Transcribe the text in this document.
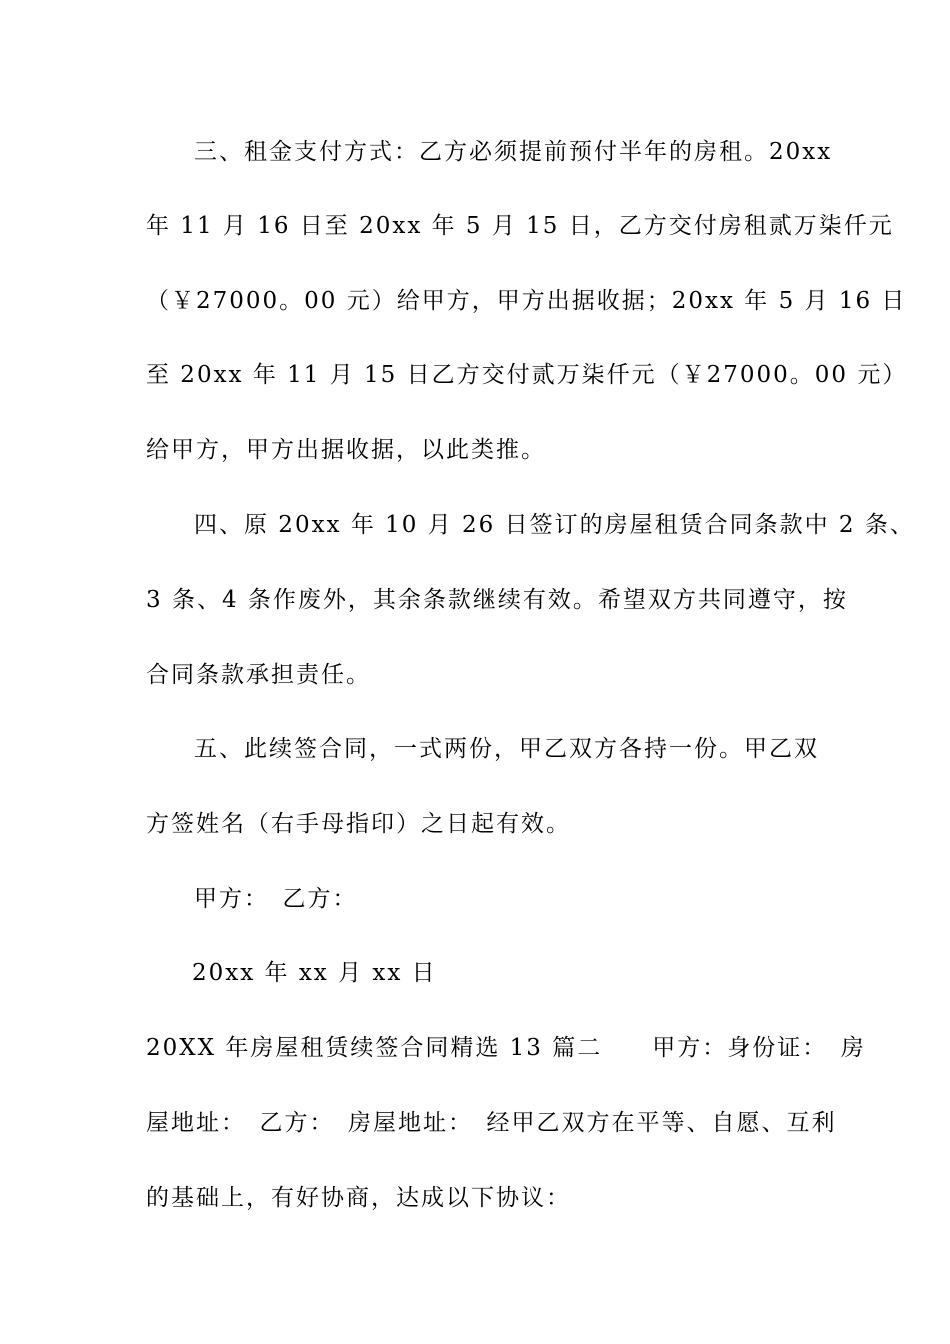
三、租金支付方式：乙方必须提前预付半年的房租。20xx
年 11 月 16 日至 20xx 年 5 月 15 日，乙方交付房租贰万柒仟元
（￥27000。00 元）给甲方，甲方出据收据；20xx 年 5 月 16 日
至 20xx 年 11 月 15 日乙方交付贰万柒仟元（￥27000。00 元）
给甲方，甲方出据收据，以此类推。
四、原 20xx 年 10 月 26 日签订的房屋租赁合同条款中 2 条、
3 条、4 条作废外，其余条款继续有效。希望双方共同遵守，按
合同条款承担责任。
五、此续签合同，一式两份，甲乙双方各持一份。甲乙双
方签姓名（右手母指印）之日起有效。
甲方：　乙方：
20xx 年 xx 月 xx 日
20XX 年房屋租赁续签合同精选 13 篇二　　甲方：身份证：　房
屋地址：　乙方：　房屋地址：　经甲乙双方在平等、自愿、互利
的基础上，有好协商，达成以下协议：
